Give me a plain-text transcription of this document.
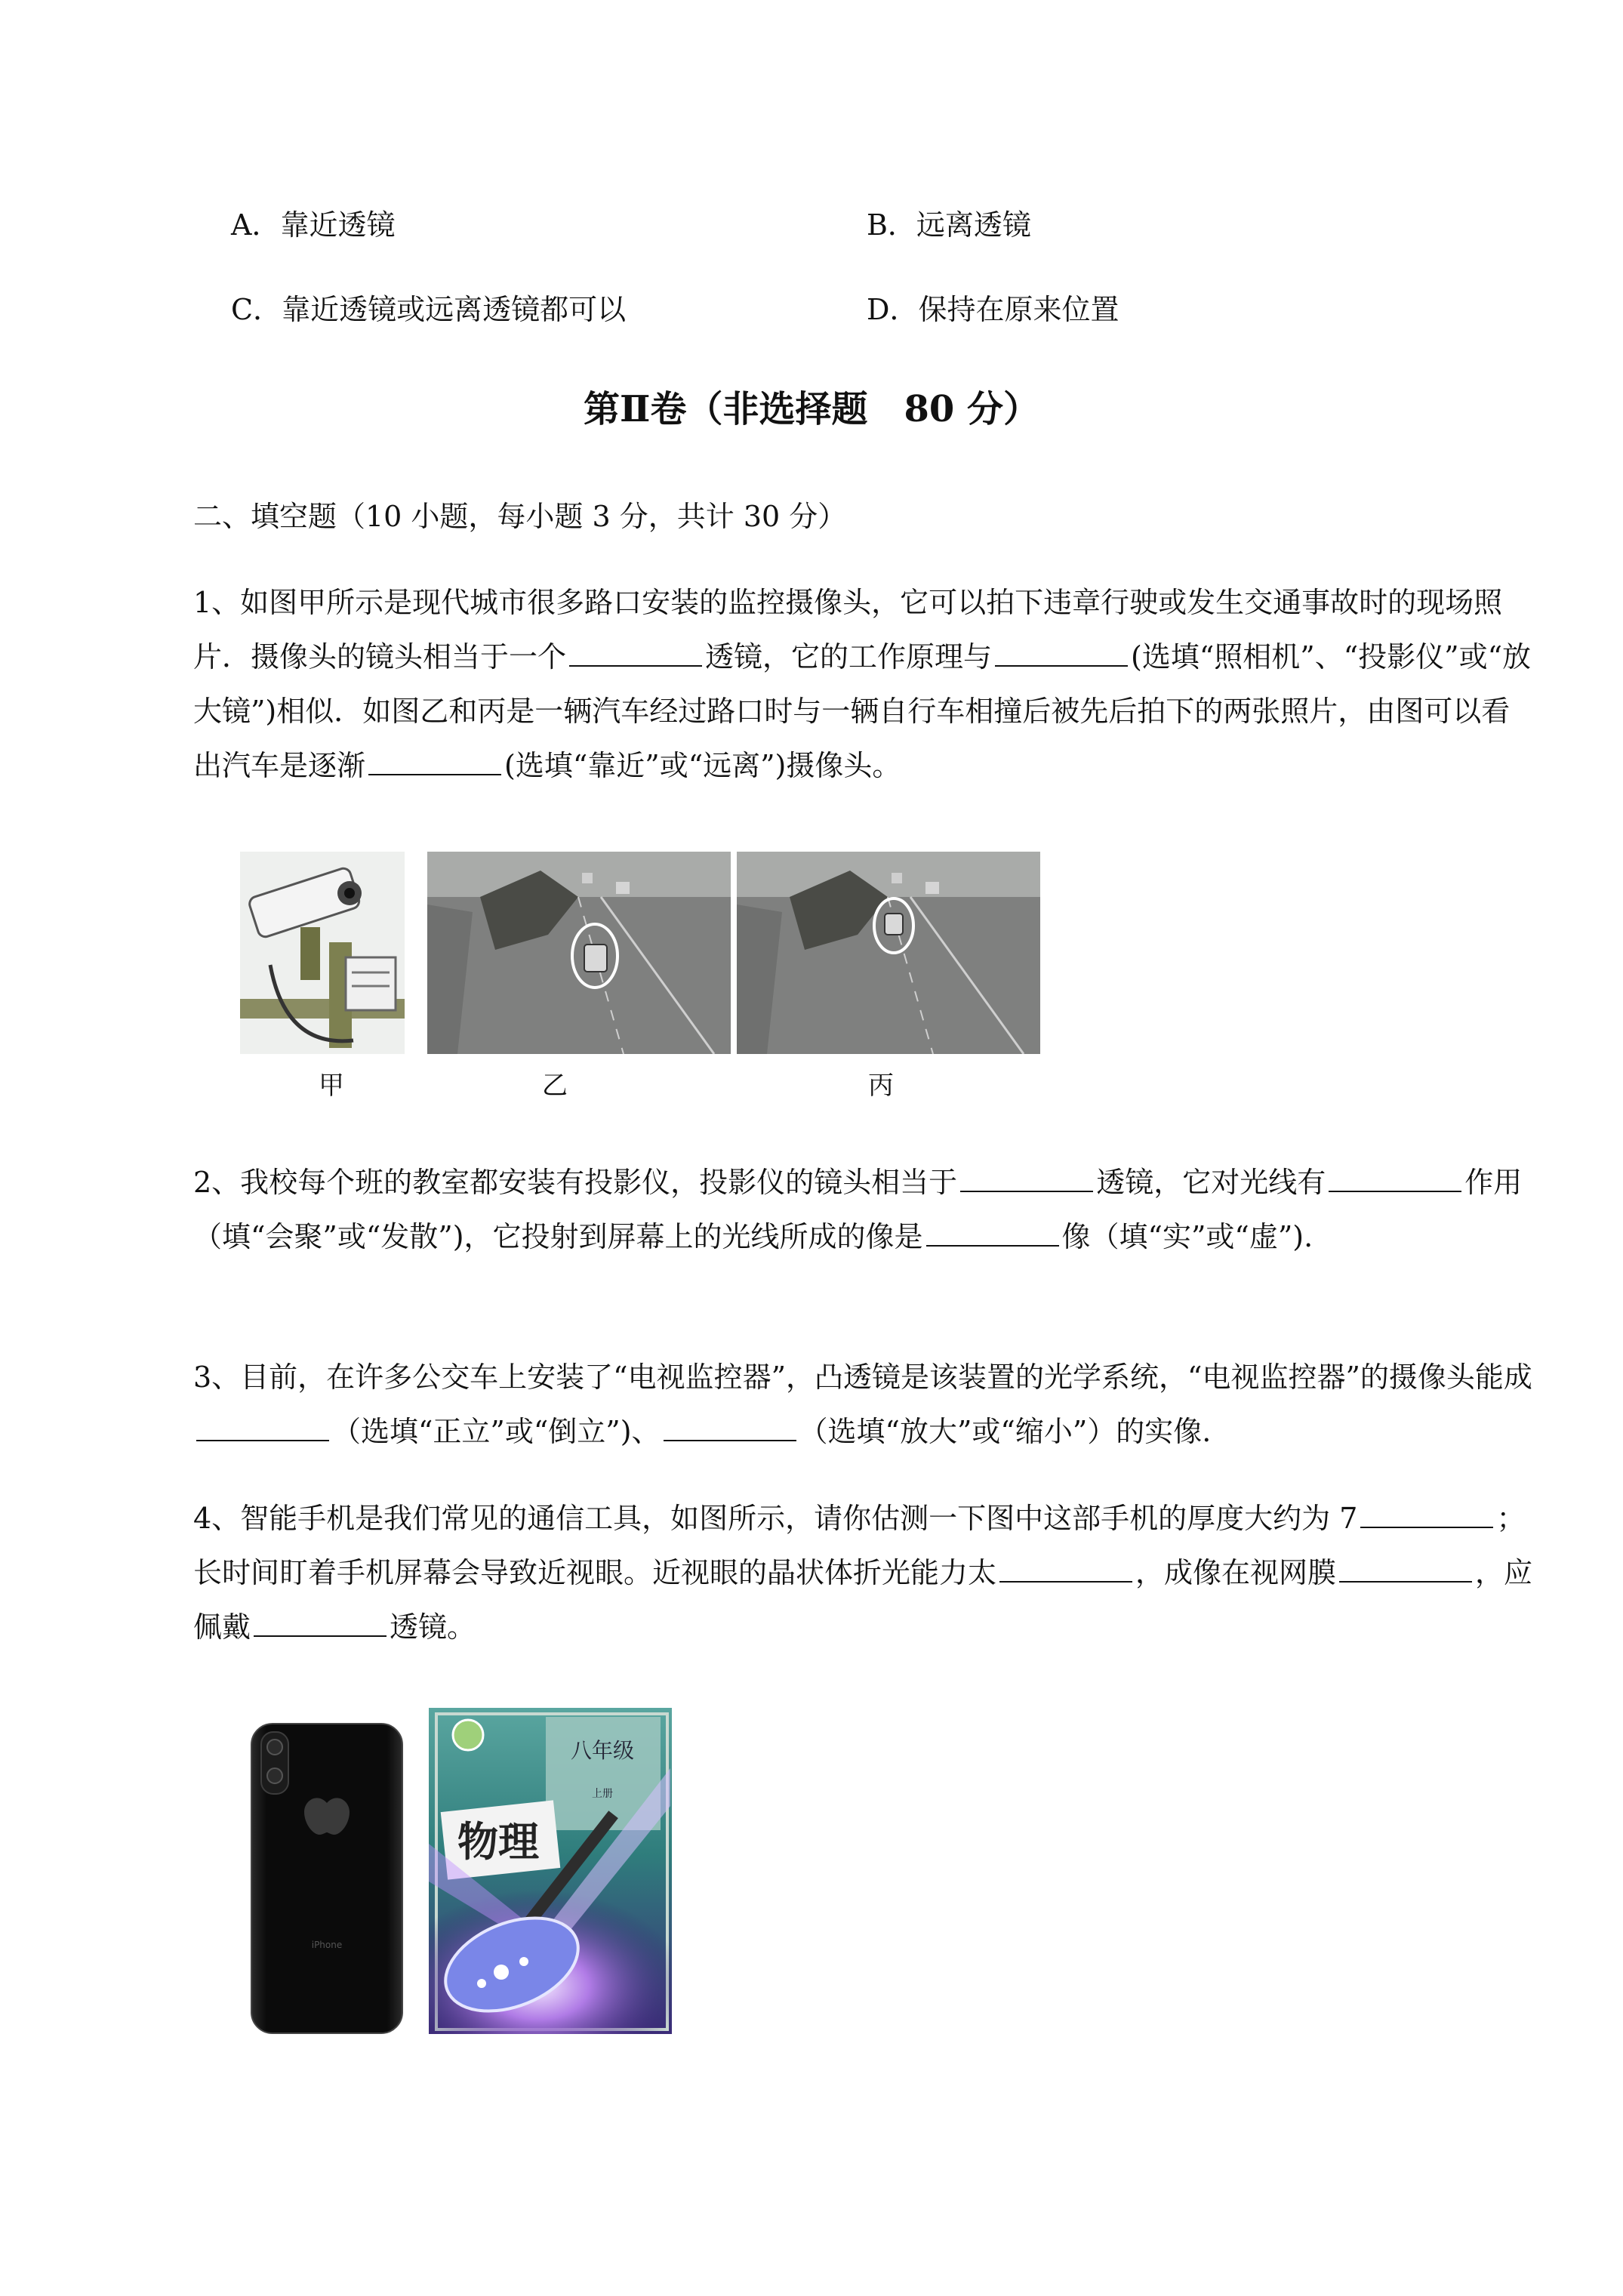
A．靠近透镜	B．远离透镜
C．靠近透镜或远离透镜都可以	D．保持在原来位置
第Ⅱ卷（非选择题　80 分）
二、填空题（10 小题，每小题 3 分，共计 30 分）
1、如图甲所示是现代城市很多路口安装的监控摄像头，它可以拍下违章行驶或发生交通事故时的现场照片．摄像头的镜头相当于一个	透镜，它的工作原理与	(选填“照相机”、“投影仪”或“放大镜”)相似．如图乙和丙是一辆汽车经过路口时与一辆自行车相撞后被先后拍下的两张照片，由图可以看出汽车是逐渐	(选填“靠近”或“远离”)摄像头。
甲	乙	丙
2、我校每个班的教室都安装有投影仪，投影仪的镜头相当于	透镜，它对光线有	作用（填“会聚”或“发散”)，它投射到屏幕上的光线所成的像是	像（填“实”或“虚”).
3、目前，在许多公交车上安装了“电视监控器”，凸透镜是该装置的光学系统，“电视监控器”的摄像头能成（选填“正立”或“倒立”)、	（选填“放大”或“缩小”）的实像.
4、智能手机是我们常见的通信工具，如图所示，请你估测一下图中这部手机的厚度大约为 7	；长时间盯着手机屏幕会导致近视眼。近视眼的晶状体折光能力太	，成像在视网膜	，应佩戴	透镜。
iPhone
八年级
上册
物理
